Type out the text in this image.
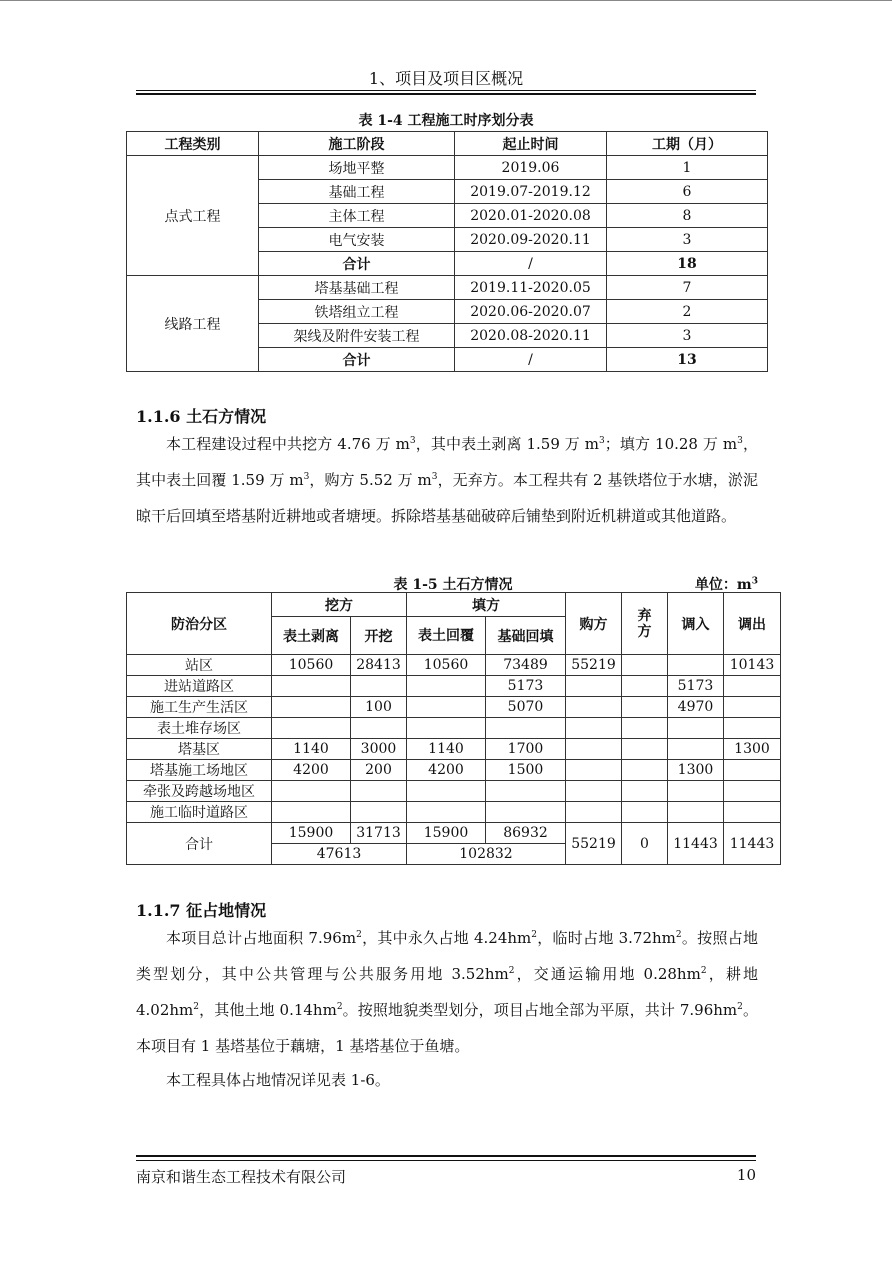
1、项目及项目区概况
表 1-4 工程施工时序划分表
工程类别	施工阶段	起止时间	工期（月）
点式工程	场地平整	2019.06	1
	基础工程	2019.07-2019.12	6
	主体工程	2020.01-2020.08	8
	电气安装	2020.09-2020.11	3
	合计	/	18
线路工程	塔基基础工程	2019.11-2020.05	7
	铁塔组立工程	2020.06-2020.07	2
	架线及附件安装工程	2020.08-2020.11	3
	合计	/	13
1.1.6 土石方情况
本工程建设过程中共挖方 4.76 万 $m^3$，其中表土剥离 1.59 万 $m^3$；填方 10.28 万 $m^3$，其中表土回覆 1.59 万 $m^3$，购方 5.52 万 $m^3$，无弃方。本工程共有 2 基铁塔位于水塘，淤泥晾干后回填至塔基附近耕地或者塘埂。拆除塔基基础破碎后铺垫到附近机耕道或其他道路。
表 1-5 土石方情况	单位：$m^3$
防治分区	挖方		填方		购方	弃方	调入	调出
	表土剥离	开挖	表土回覆	基础回填				
站区	10560	28413	10560	73489	55219			10143
进站道路区				5173			5173	
施工生产生活区		100		5070			4970	
表土堆存场区								
塔基区	1140	3000	1140	1700				1300
塔基施工场地区	4200	200	4200	1500			1300	
牵张及跨越场地区								
施工临时道路区								
合计	15900	31713	15900	86932	55219	0	11443	11443
	47613		102832					
1.1.7 征占地情况
本项目总计占地面积 $7.96m^2$，其中永久占地 $4.24hm^2$，临时占地 $3.72hm^2$。按照占地类型划分，其中公共管理与公共服务用地 $3.52hm^2$，交通运输用地 $0.28hm^2$，耕地 $4.02hm^2$，其他土地 $0.14hm^2$。按照地貌类型划分，项目占地全部为平原，共计 $7.96hm^2$。本项目有 1 基塔基位于藕塘，1 基塔基位于鱼塘。
本工程具体占地情况详见表 1-6。
南京和谐生态工程技术有限公司	10
